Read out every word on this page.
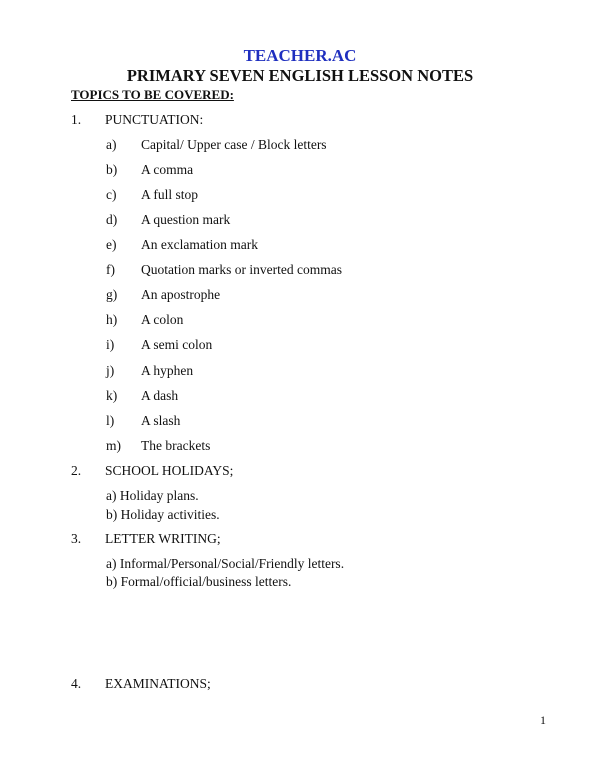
TEACHER.AC
PRIMARY SEVEN ENGLISH LESSON NOTES
TOPICS TO BE COVERED:
1. PUNCTUATION:
a) Capital/ Upper case / Block letters
b) A comma
c) A full stop
d) A question mark
e) An exclamation mark
f) Quotation marks or inverted commas
g) An apostrophe
h) A colon
i) A semi colon
j) A hyphen
k) A dash
l) A slash
m) The brackets
2. SCHOOL HOLIDAYS;
a) Holiday plans.
b) Holiday activities.
3. LETTER WRITING;
a) Informal/Personal/Social/Friendly letters.
b) Formal/official/business letters.
4. EXAMINATIONS;
1
